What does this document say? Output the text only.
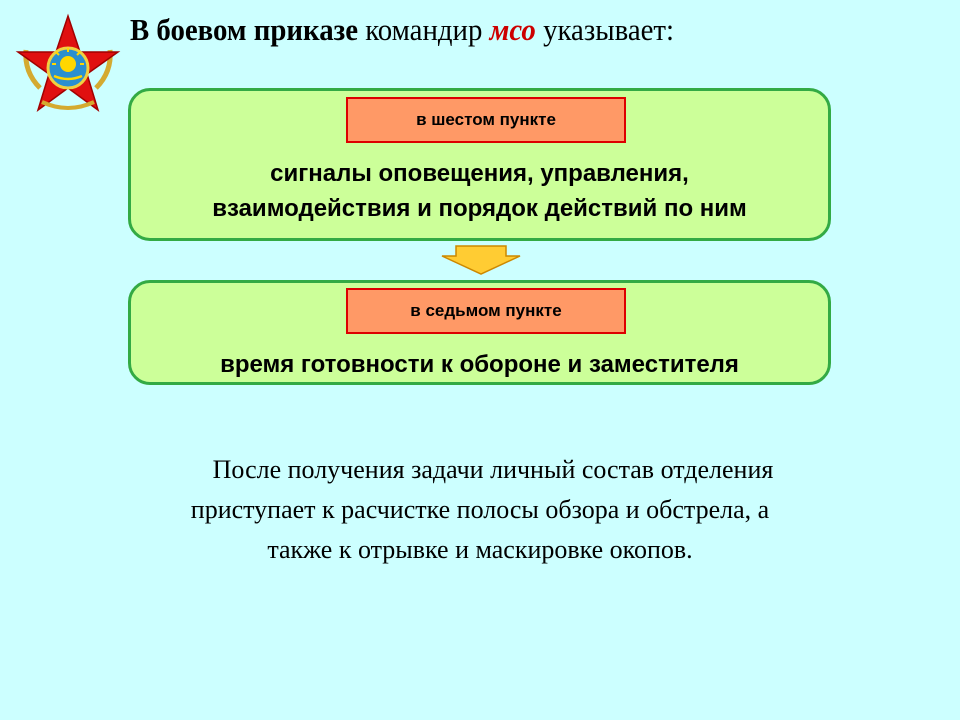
В боевом приказе командир мсо указывает:
в шестом пункте
сигналы оповещения, управления,
взаимодействия и порядок действий по ним
в седьмом пункте
время готовности к обороне и заместителя
После получения задачи личный состав отделения
приступает к расчистке полосы обзора и обстрела, а
также к отрывке и маскировке окопов.
